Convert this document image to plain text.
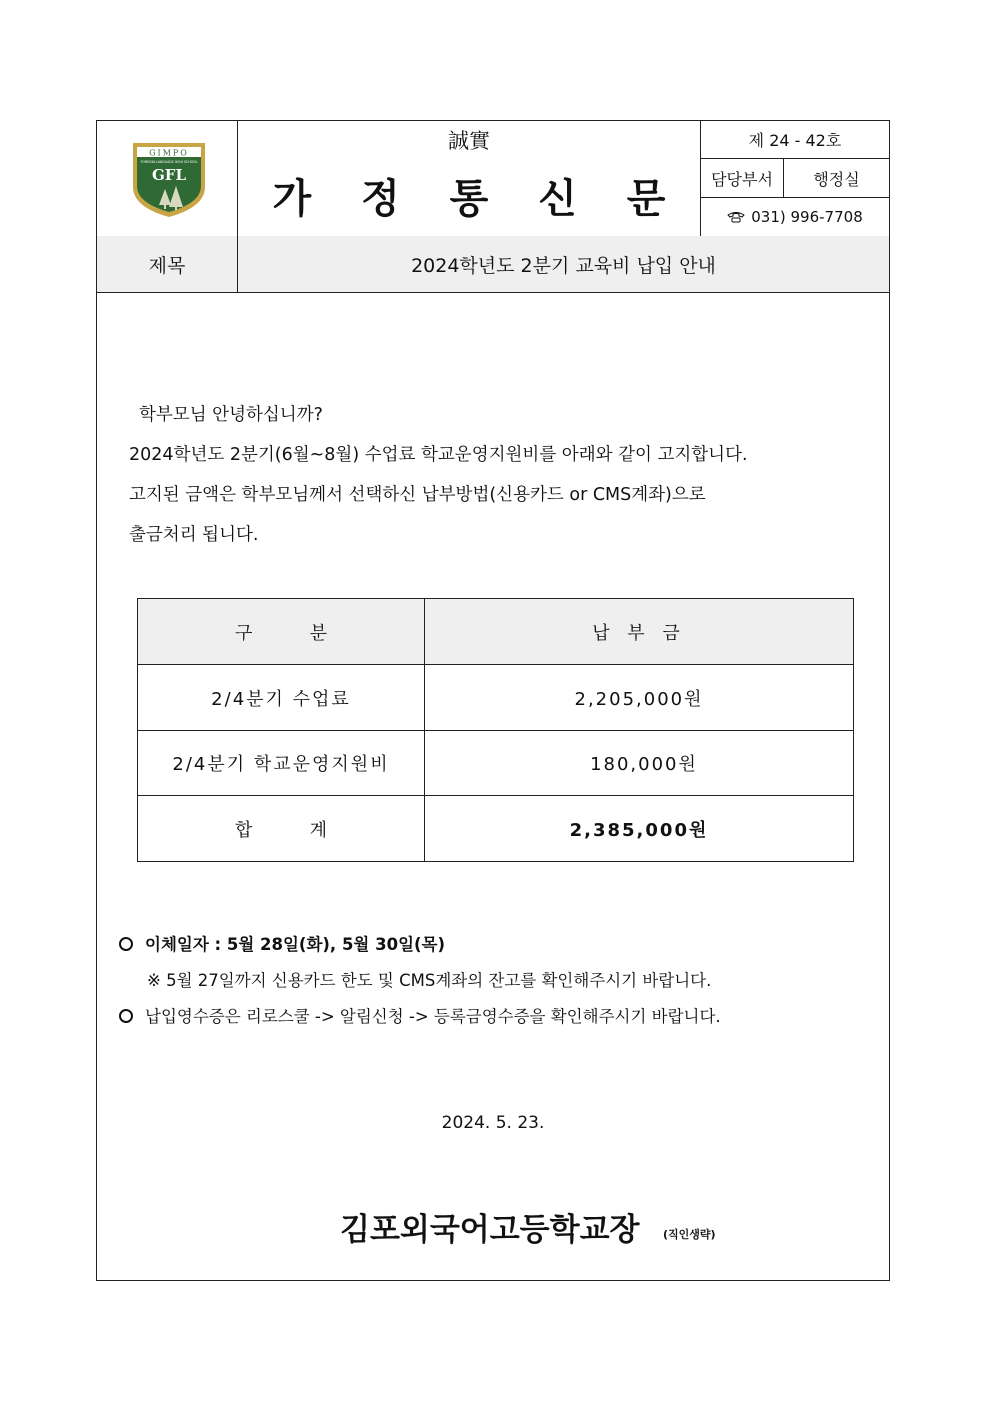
GIMPO
FOREIGN LANGUAGE HIGH SCHOOL
GFL
誠實
가 정 통 신 문
제 24 - 42호
담당부서	행정실
031) 996-7708
제목	2024학년도 2분기 교육비 납입 안내
학부모님 안녕하십니까?
2024학년도 2분기(6월~8월) 수업료 학교운영지원비를 아래와 같이 고지합니다.
고지된 금액은 학부모님께서 선택하신 납부방법(신용카드 or CMS계좌)으로
출금처리 됩니다.
구          분	납 부 금
2/4분기 수업료	2,205,000원
2/4분기 학교운영지원비	180,000원
합          계	2,385,000원
이체일자 : 5월 28일(화), 5월 30일(목)
※ 5월 27일까지 신용카드 한도 및 CMS계좌의 잔고를 확인해주시기 바랍니다.
납입영수증은 리로스쿨 -> 알림신청 -> 등록금영수증을 확인해주시기 바랍니다.
2024. 5. 23.
김포외국어고등학교장 (직인생략)
